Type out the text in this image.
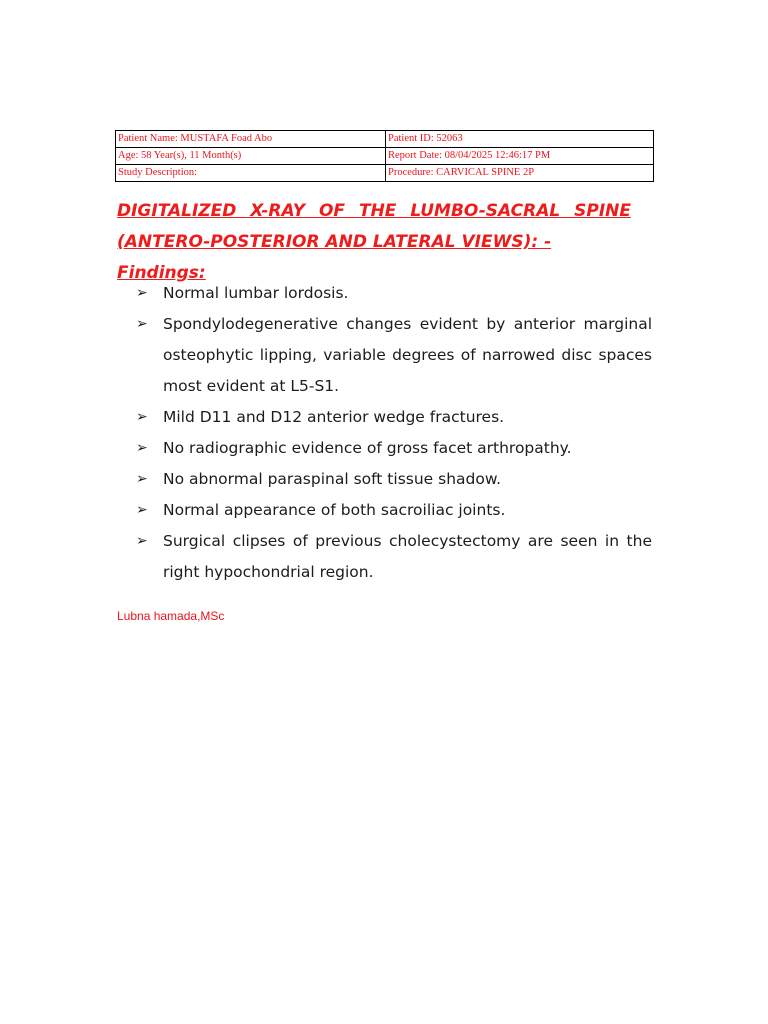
Patient Name: MUSTAFA Foad Abo	Patient ID: 52063
Age: 58 Year(s), 11 Month(s)	Report Date: 08/04/2025 12:46:17 PM
Study Description:	Procedure: CARVICAL SPINE 2P
DIGITALIZED X-RAY OF THE LUMBO-SACRAL SPINE
(ANTERO-POSTERIOR AND LATERAL VIEWS): -
Findings:
➢ Normal lumbar lordosis.
➢ Spondylodegenerative changes evident by anterior marginal osteophytic lipping, variable degrees of narrowed disc spaces most evident at L5-S1.
➢ Mild D11 and D12 anterior wedge fractures.
➢ No radiographic evidence of gross facet arthropathy.
➢ No abnormal paraspinal soft tissue shadow.
➢ Normal appearance of both sacroiliac joints.
➢ Surgical clipses of previous cholecystectomy are seen in the right hypochondrial region.
Lubna hamada,MSc
